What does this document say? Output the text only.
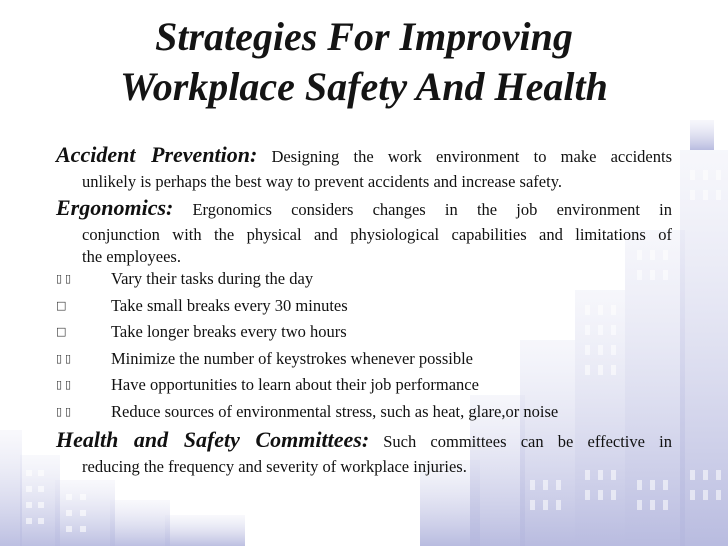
Strategies For Improving
Workplace Safety And Health
Accident Prevention: Designing the work environment to make accidents
unlikely is perhaps the best way to prevent accidents and increase safety.
Ergonomics: Ergonomics considers changes in the job environment in
conjunction with the physical and physiological capabilities and limitations of
the employees.
▯▯	Vary their tasks during the day
□	Take small breaks every 30 minutes
□	Take longer breaks every two hours
▯▯	Minimize the number of keystrokes whenever possible
▯▯	Have opportunities to learn about their job performance
▯▯	Reduce sources of environmental stress, such as heat, glare,or noise
Health and Safety Committees: Such committees can be effective in
reducing the frequency and severity of workplace injuries.
